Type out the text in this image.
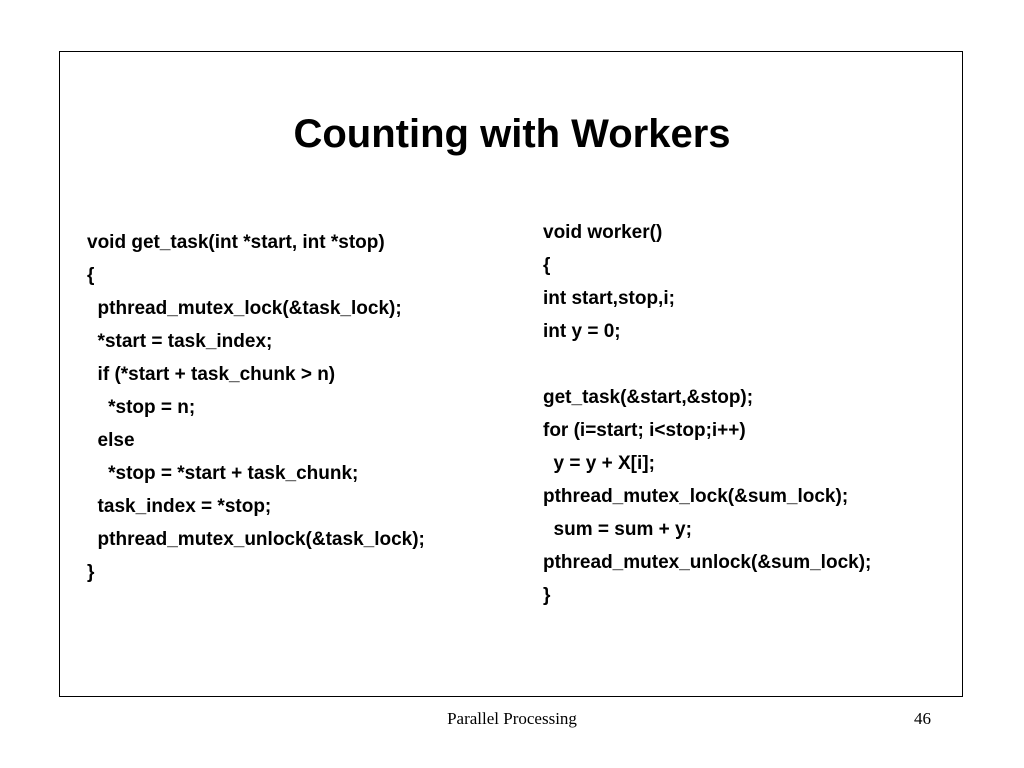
Counting with Workers
void get_task(int *start, int *stop)
{
pthread_mutex_lock(&task_lock);
*start = task_index;
if (*start + task_chunk > n)
*stop = n;
else
*stop = *start + task_chunk;
task_index = *stop;
pthread_mutex_unlock(&task_lock);
}
void worker()
{
int start,stop,i;
int y = 0;
get_task(&start,&stop);
for (i=start; i<stop;i++)
y = y + X[i];
pthread_mutex_lock(&sum_lock);
sum = sum + y;
pthread_mutex_unlock(&sum_lock);
}
Parallel Processing	46
